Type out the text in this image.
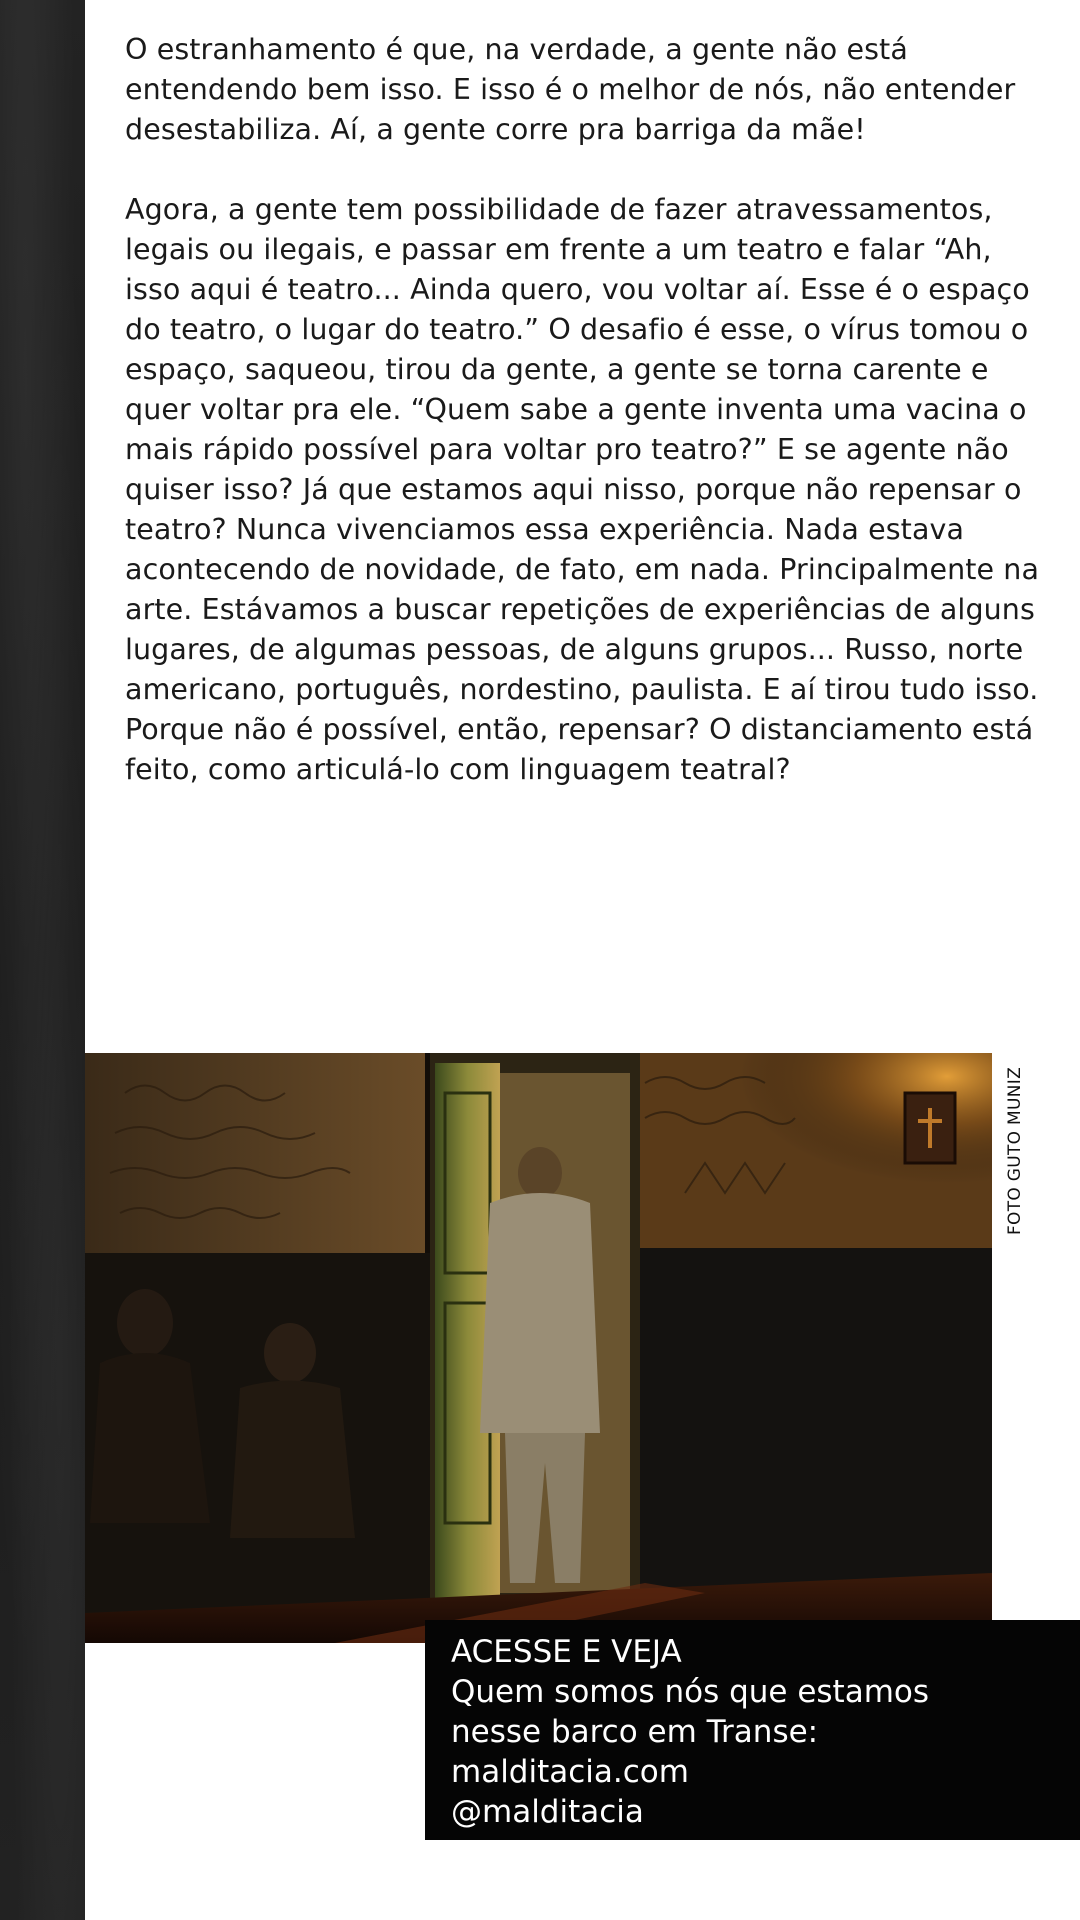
O estranhamento é que, na verdade, a gente não está entendendo bem isso. E isso é o melhor de nós, não entender desestabiliza. Aí, a gente corre pra barriga da mãe!

Agora, a gente tem possibilidade de fazer atravessamentos, legais ou ilegais, e passar em frente a um teatro e falar “Ah, isso aqui é teatro... Ainda quero, vou voltar aí. Esse é o espaço do teatro, o lugar do teatro.” O desafio é esse, o vírus tomou o espaço, saqueou, tirou da gente, a gente se torna carente e quer voltar pra ele. “Quem sabe a gente inventa uma vacina o mais rápido possível para voltar pro teatro?” E se agente não quiser isso? Já que estamos aqui nisso, porque não repensar o teatro? Nunca vivenciamos essa experiência. Nada estava acontecendo de novidade, de fato, em nada. Principalmente na arte. Estávamos a buscar repetições de experiências de alguns lugares, de algumas pessoas, de alguns grupos... Russo, norte americano, português, nordestino, paulista. E aí tirou tudo isso. Porque não é possível, então, repensar? O distanciamento está feito, como articulá-lo com linguagem teatral?

FOTO GUTO MUNIZ
ACESSE E VEJA
Quem somos nós que estamos
nesse barco em Transe:
malditacia.com
@malditacia
